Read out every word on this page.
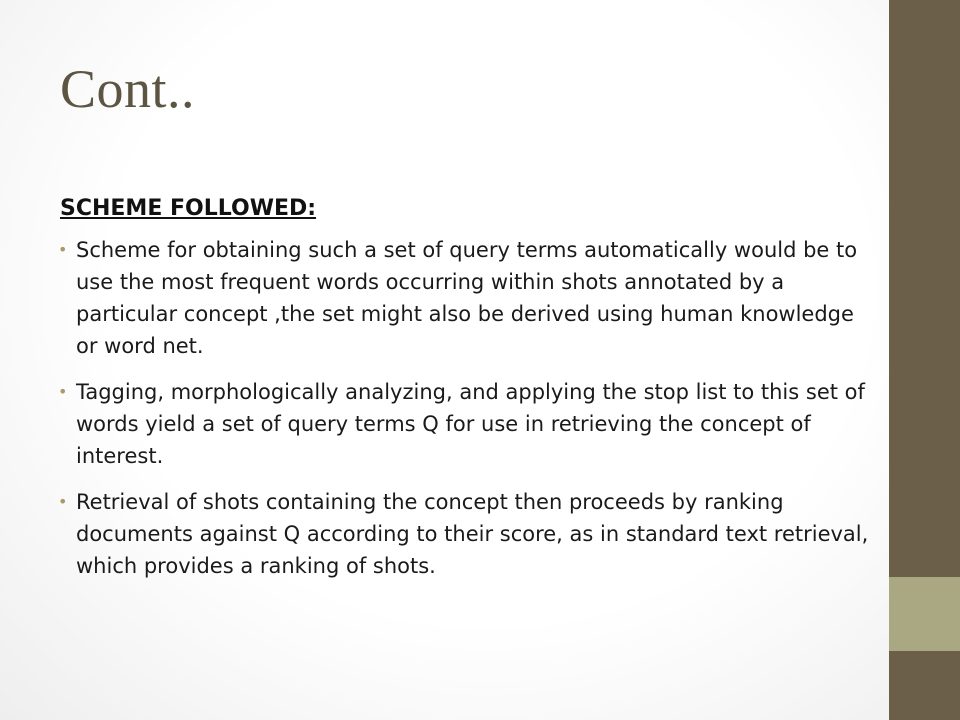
Cont..
SCHEME FOLLOWED:
• Scheme for obtaining such a set of query terms automatically would be to use the most frequent words occurring within shots annotated by a particular concept ,the set might also be derived using human knowledge or word net.
• Tagging, morphologically analyzing, and applying the stop list to this set of words yield a set of query terms Q for use in retrieving the concept of interest.
• Retrieval of shots containing the concept then proceeds by ranking documents against Q according to their score, as in standard text retrieval, which provides a ranking of shots.
